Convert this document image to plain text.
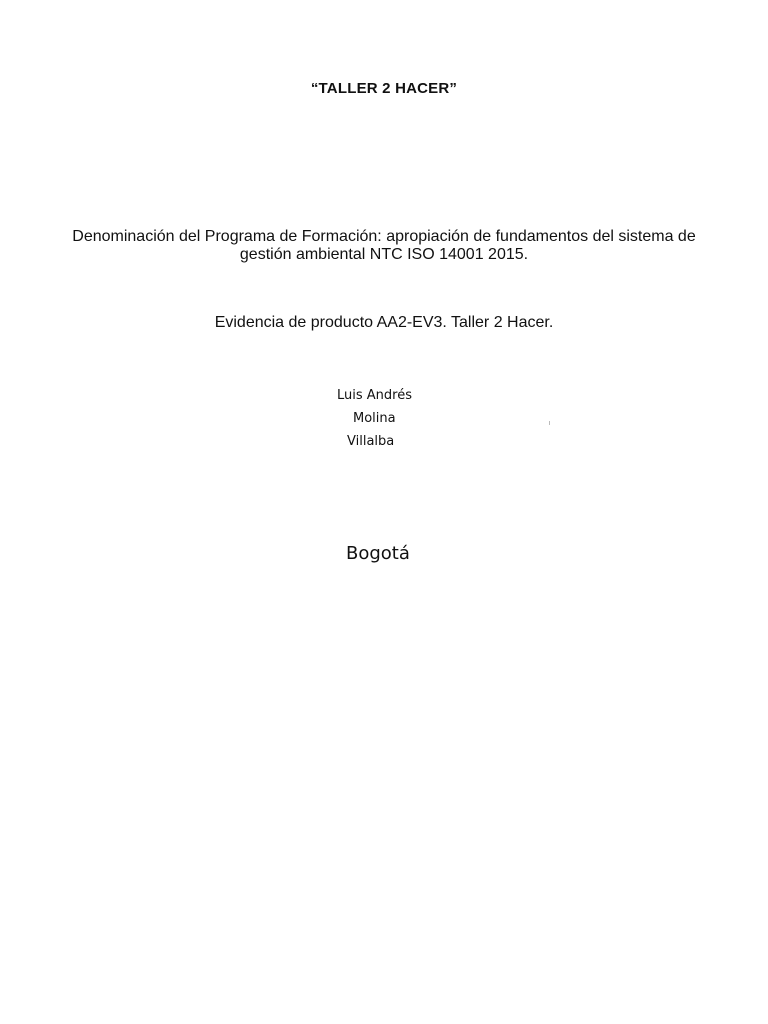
“TALLER 2 HACER”
Denominación del Programa de Formación: apropiación de fundamentos del sistema de
gestión ambiental NTC ISO 14001 2015.
Evidencia de producto AA2-EV3. Taller 2 Hacer.
Luis Andrés
Molina
Villalba
Bogotá
